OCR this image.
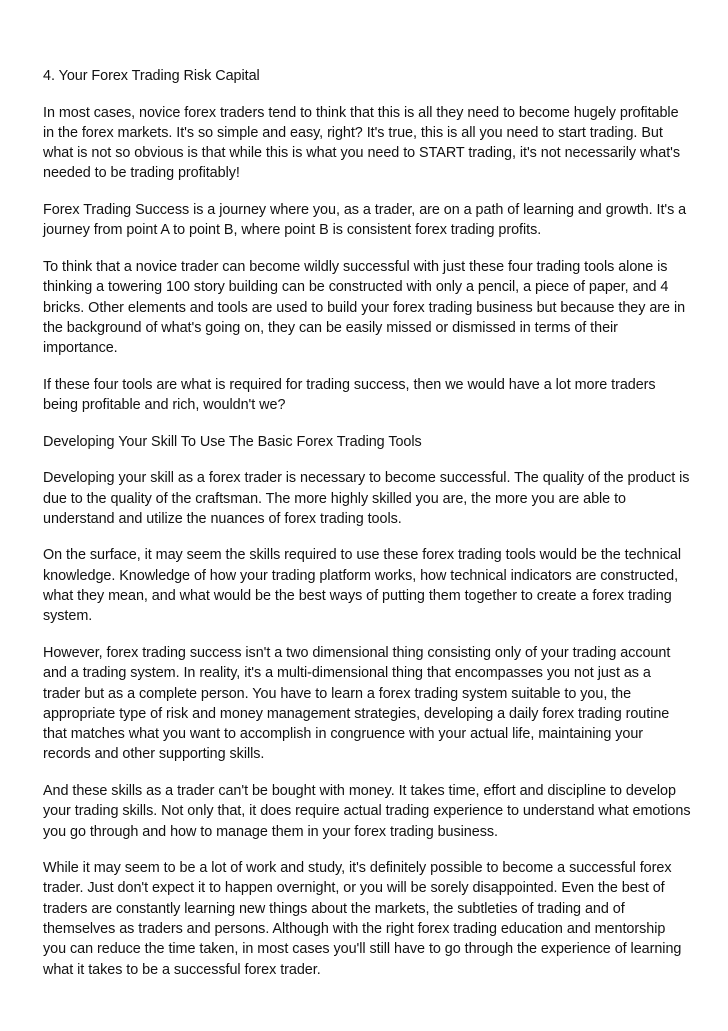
4. Your Forex Trading Risk Capital

In most cases, novice forex traders tend to think that this is all they need to become hugely profitable in the forex markets. It's so simple and easy, right? It's true, this is all you need to start trading. But what is not so obvious is that while this is what you need to START trading, it's not necessarily what's needed to be trading profitably!

Forex Trading Success is a journey where you, as a trader, are on a path of learning and growth. It's a journey from point A to point B, where point B is consistent forex trading profits.

To think that a novice trader can become wildly successful with just these four trading tools alone is thinking a towering 100 story building can be constructed with only a pencil, a piece of paper, and 4 bricks. Other elements and tools are used to build your forex trading business but because they are in the background of what's going on, they can be easily missed or dismissed in terms of their importance.

If these four tools are what is required for trading success, then we would have a lot more traders being profitable and rich, wouldn't we?

Developing Your Skill To Use The Basic Forex Trading Tools

Developing your skill as a forex trader is necessary to become successful. The quality of the product is due to the quality of the craftsman. The more highly skilled you are, the more you are able to understand and utilize the nuances of forex trading tools.

On the surface, it may seem the skills required to use these forex trading tools would be the technical knowledge. Knowledge of how your trading platform works, how technical indicators are constructed, what they mean, and what would be the best ways of putting them together to create a forex trading system.

However, forex trading success isn't a two dimensional thing consisting only of your trading account and a trading system. In reality, it's a multi-dimensional thing that encompasses you not just as a trader but as a complete person. You have to learn a forex trading system suitable to you, the appropriate type of risk and money management strategies, developing a daily forex trading routine that matches what you want to accomplish in congruence with your actual life, maintaining your records and other supporting skills.

And these skills as a trader can't be bought with money. It takes time, effort and discipline to develop your trading skills. Not only that, it does require actual trading experience to understand what emotions you go through and how to manage them in your forex trading business.

While it may seem to be a lot of work and study, it's definitely possible to become a successful forex trader. Just don't expect it to happen overnight, or you will be sorely disappointed. Even the best of traders are constantly learning new things about the markets, the subtleties of trading and of themselves as traders and persons. Although with the right forex trading education and mentorship you can reduce the time taken, in most cases you'll still have to go through the experience of learning what it takes to be a successful forex trader.
